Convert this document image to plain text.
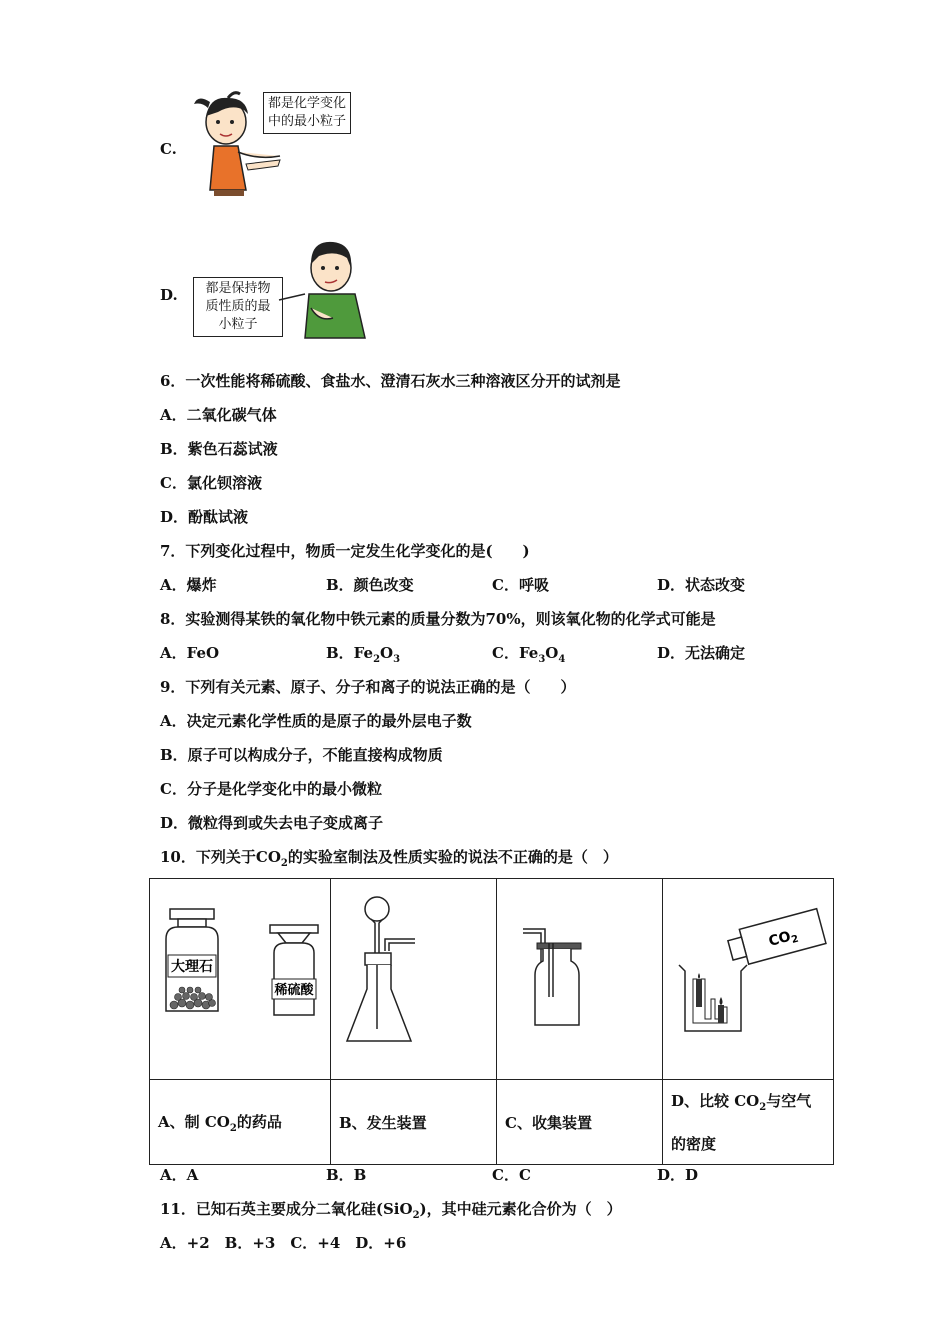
C.
都是化学变化
中的最小粒子
D.	都是保持物
质性质的最
小粒子
6．一次性能将稀硫酸、食盐水、澄清石灰水三种溶液区分开的试剂是
A．二氧化碳气体
B．紫色石蕊试液
C．氯化钡溶液
D．酚酞试液
7．下列变化过程中，物质一定发生化学变化的是(　　)
A．爆炸	B．颜色改变	C．呼吸	D．状态改变
8．实验测得某铁的氧化物中铁元素的质量分数为70%，则该氧化物的化学式可能是
A．FeO	B．$Fe_2O_3$	C．$Fe_3O_4$	D．无法确定
9．下列有关元素、原子、分子和离子的说法正确的是（　　）
A．决定元素化学性质的是原子的最外层电子数
B．原子可以构成分子，不能直接构成物质
C．分子是化学变化中的最小微粒
D．微粒得到或失去电子变成离子
10．下列关于$CO_2$的实验室制法及性质实验的说法不正确的是（　）
大理石
稀硫酸			$CO_2$

A、制 $CO_2$的药品	B、发生装置	C、收集装置	D、比较 $CO_2$与空气
的密度
A．A	B．B	C．C	D．D
11．已知石英主要成分二氧化硅(SiO$_2$)，其中硅元素化合价为（　）
A．+2　B．+3　C．+4　D．+6
